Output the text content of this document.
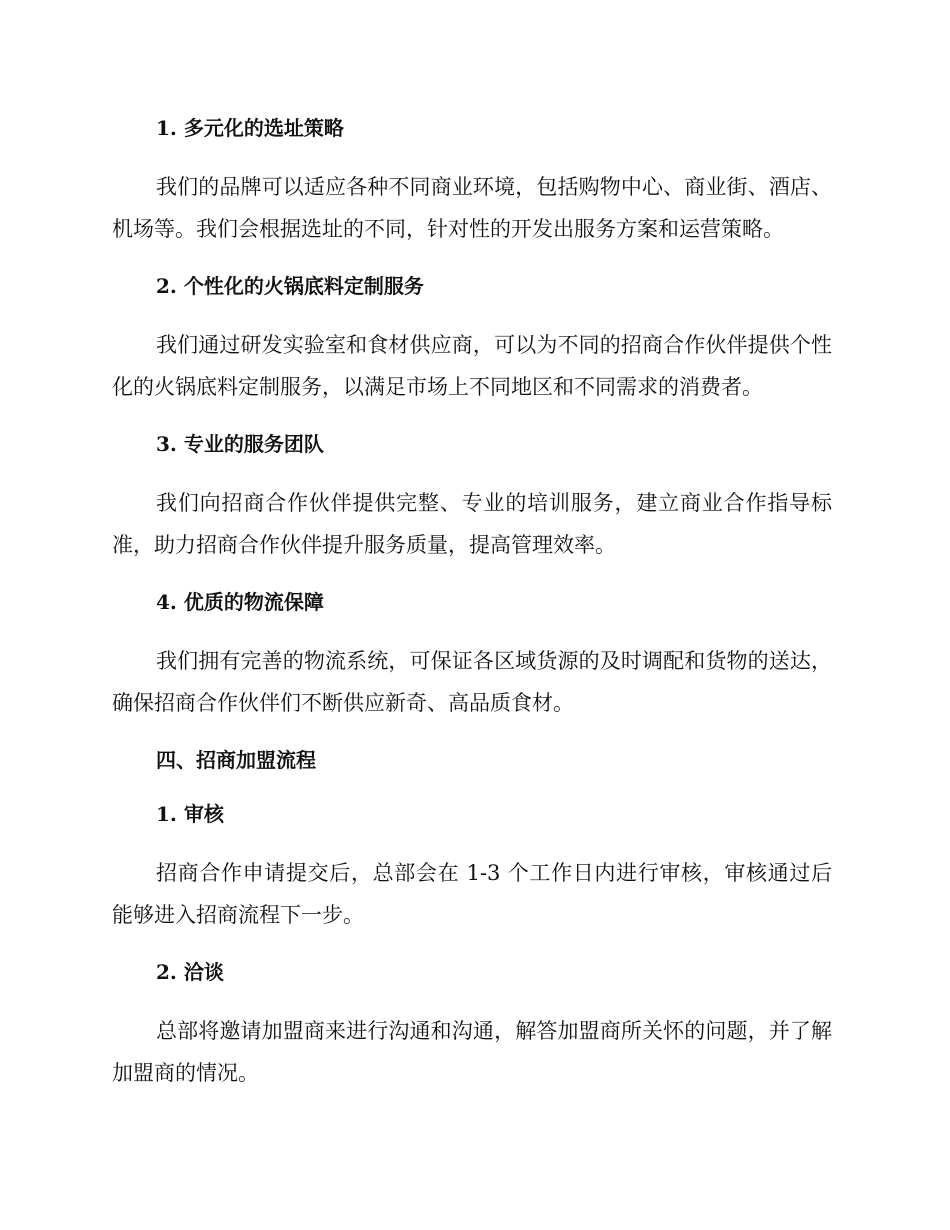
1. 多元化的选址策略

我们的品牌可以适应各种不同商业环境，包括购物中心、商业街、酒店、机场等。我们会根据选址的不同，针对性的开发出服务方案和运营策略。

2. 个性化的火锅底料定制服务

我们通过研发实验室和食材供应商，可以为不同的招商合作伙伴提供个性化的火锅底料定制服务，以满足市场上不同地区和不同需求的消费者。

3. 专业的服务团队

我们向招商合作伙伴提供完整、专业的培训服务，建立商业合作指导标准，助力招商合作伙伴提升服务质量，提高管理效率。

4. 优质的物流保障

我们拥有完善的物流系统，可保证各区域货源的及时调配和货物的送达，确保招商合作伙伴们不断供应新奇、高品质食材。

四、招商加盟流程

1. 审核

招商合作申请提交后，总部会在 1-3 个工作日内进行审核，审核通过后能够进入招商流程下一步。

2. 洽谈

总部将邀请加盟商来进行沟通和沟通，解答加盟商所关怀的问题，并了解加盟商的情况。
